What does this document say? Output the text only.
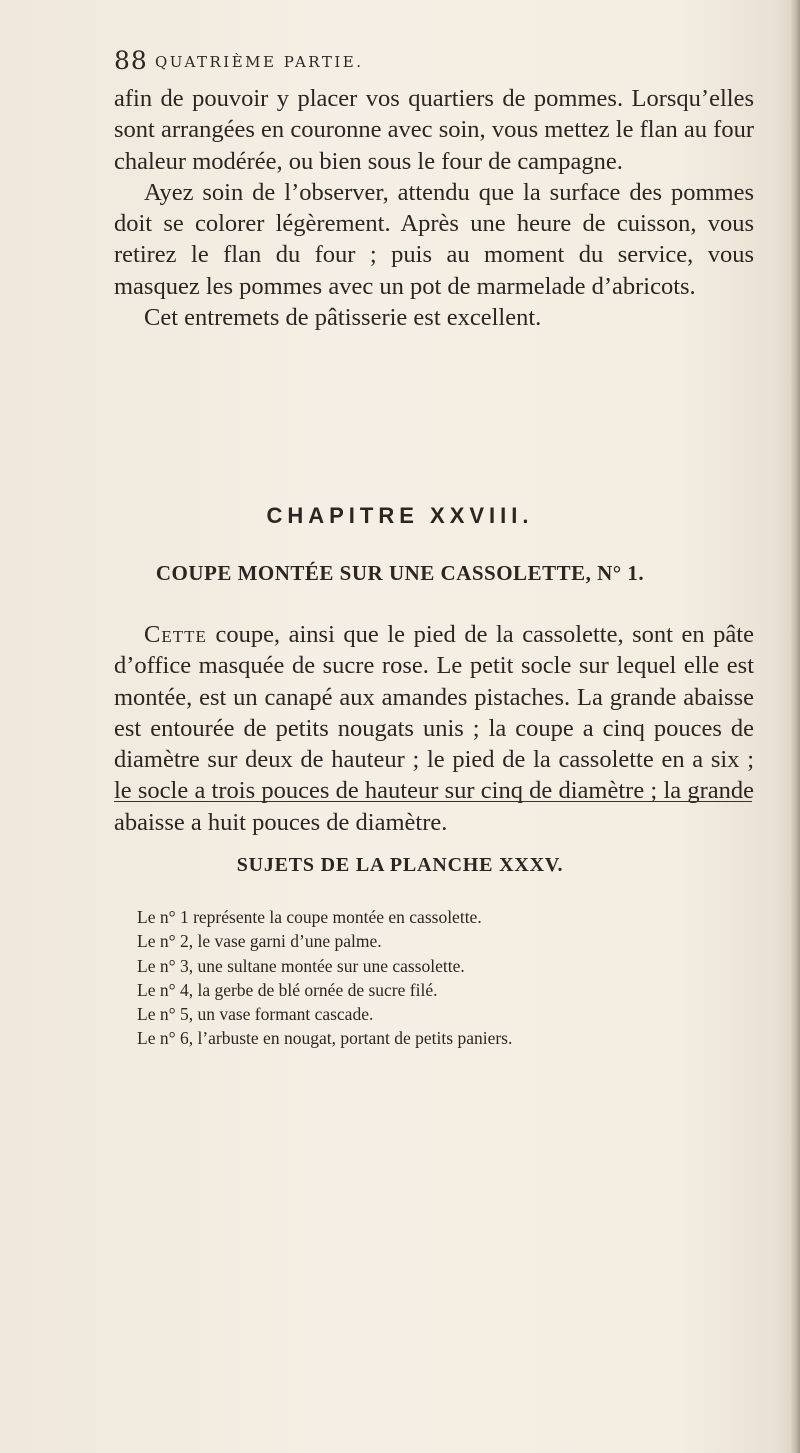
88 QUATRIÈME PARTIE.

afin de pouvoir y placer vos quartiers de pommes. Lorsqu’elles sont arrangées en couronne avec soin, vous mettez le flan au four chaleur modérée, ou bien sous le four de campagne.

Ayez soin de l’observer, attendu que la surface des pommes doit se colorer légèrement. Après une heure de cuisson, vous retirez le flan du four ; puis au moment du service, vous masquez les pommes avec un pot de marmelade d’abricots.

Cet entremets de pâtisserie est excellent.

CHAPITRE XXVIII.
COUPE MONTÉE SUR UNE CASSOLETTE, N° 1.

Cette coupe, ainsi que le pied de la cassolette, sont en pâte d’office masquée de sucre rose. Le petit socle sur lequel elle est montée, est un canapé aux amandes pistaches. La grande abaisse est entourée de petits nougats unis ; la coupe a cinq pouces de diamètre sur deux de hauteur ; le pied de la cassolette en a six ; le socle a trois pouces de hauteur sur cinq de diamètre ; la grande abaisse a huit pouces de diamètre.

SUJETS DE LA PLANCHE XXXV.
Le n° 1 représente la coupe montée en cassolette.
Le n° 2, le vase garni d’une palme.
Le n° 3, une sultane montée sur une cassolette.
Le n° 4, la gerbe de blé ornée de sucre filé.
Le n° 5, un vase formant cascade.
Le n° 6, l’arbuste en nougat, portant de petits paniers.
